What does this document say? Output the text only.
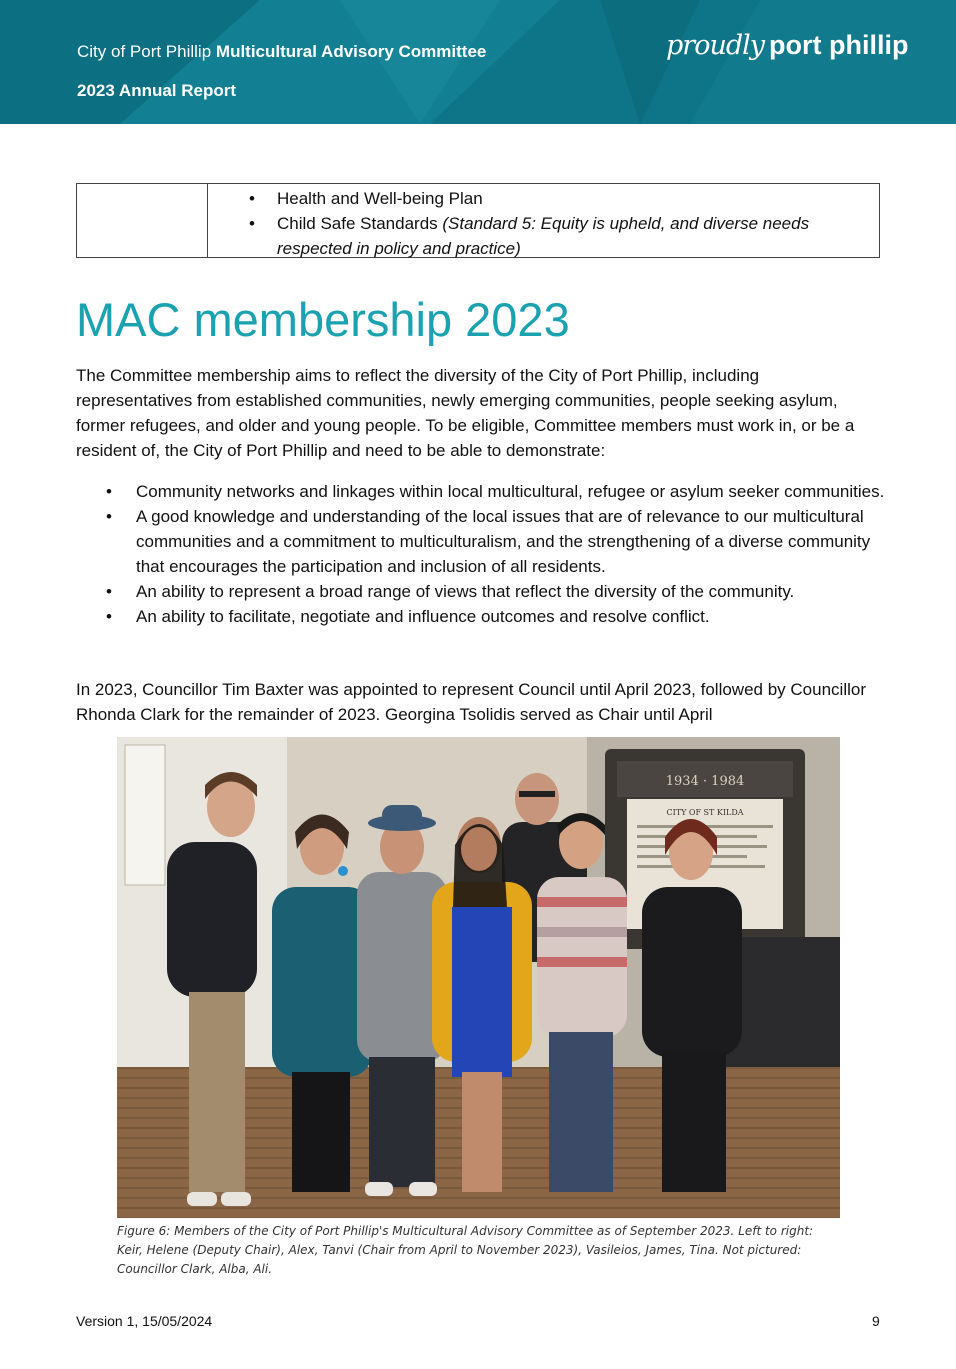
City of Port Phillip Multicultural Advisory Committee
2023 Annual Report
proudly port phillip
• Health and Well-being Plan
• Child Safe Standards (Standard 5: Equity is upheld, and diverse needs respected in policy and practice)
MAC membership 2023

The Committee membership aims to reflect the diversity of the City of Port Phillip, including representatives from established communities, newly emerging communities, people seeking asylum, former refugees, and older and young people. To be eligible, Committee members must work in, or be a resident of, the City of Port Phillip and need to be able to demonstrate:

• Community networks and linkages within local multicultural, refugee or asylum seeker communities.
• A good knowledge and understanding of the local issues that are of relevance to our multicultural communities and a commitment to multiculturalism, and the strengthening of a diverse community that encourages the participation and inclusion of all residents.
• An ability to represent a broad range of views that reflect the diversity of the community.
• An ability to facilitate, negotiate and influence outcomes and resolve conflict.

In 2023, Councillor Tim Baxter was appointed to represent Council until April 2023, followed by Councillor Rhonda Clark for the remainder of 2023. Georgina Tsolidis served as Chair until April

1934 · 1984
CITY OF ST KILDA

Figure 6: Members of the City of Port Phillip's Multicultural Advisory Committee as of September 2023. Left to right: Keir, Helene (Deputy Chair), Alex, Tanvi (Chair from April to November 2023), Vasileios, James, Tina. Not pictured: Councillor Clark, Alba, Ali.

Version 1, 15/05/2024	9
